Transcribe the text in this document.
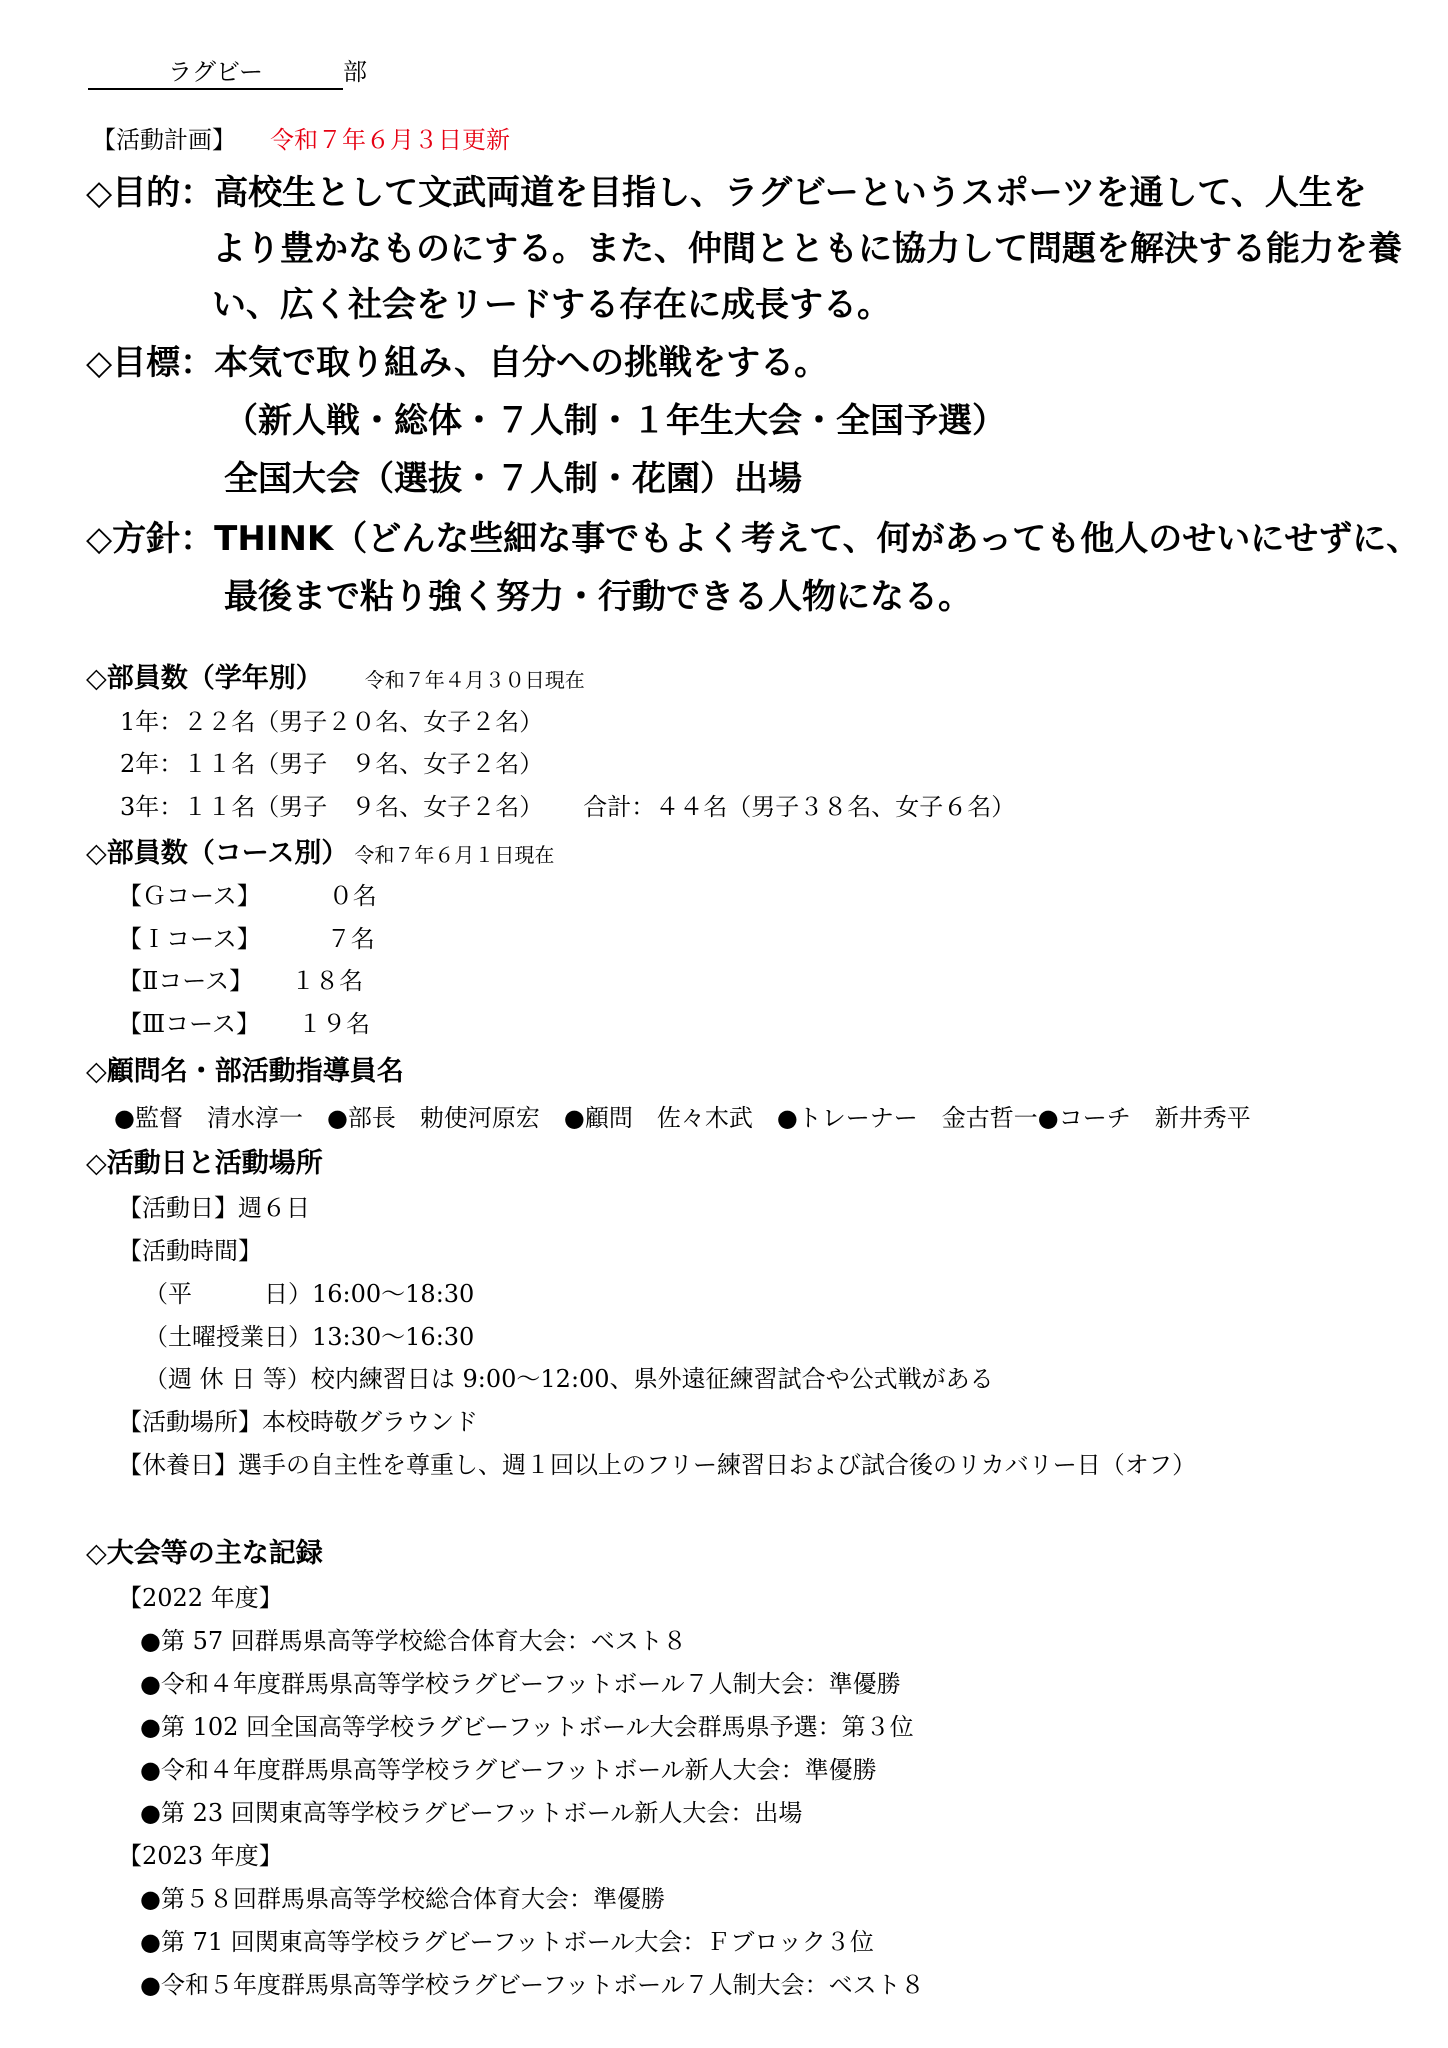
ラグビー	部
【活動計画】 令和７年６月３日更新
◇目的：高校生として文武両道を目指し、ラグビーというスポーツを通して、人生を
より豊かなものにする。また、仲間とともに協力して問題を解決する能力を養
い、広く社会をリードする存在に成長する。
◇目標：本気で取り組み、自分への挑戦をする。
（新人戦・総体・７人制・１年生大会・全国予選）
全国大会（選抜・７人制・花園）出場
◇方針：THINK（どんな些細な事でもよく考えて、何があっても他人のせいにせずに、
最後まで粘り強く努力・行動できる人物になる。
◇部員数（学年別） 令和７年４月３０日現在
1年：２２名（男子２０名、女子２名）
2年：１１名（男子　９名、女子２名）
3年：１１名（男子　９名、女子２名） 合計：４４名（男子３８名、女子６名）
◇部員数（コース別） 令和７年６月１日現在
【Ｇコース】	０名
【Ｉコース】	７名
【Ⅱコース】 １８名
【Ⅲコース】 １９名
◇顧問名・部活動指導員名
●監督　清水淳一　●部長　勅使河原宏　●顧問　佐々木武　●トレーナー　金古哲一●コーチ　新井秀平
◇活動日と活動場所
【活動日】週６日
【活動時間】
（平　　　日）16:00～18:30
（土曜授業日）13:30～16:30
（週 休 日 等）校内練習日は 9:00～12:00、県外遠征練習試合や公式戦がある
【活動場所】本校時敬グラウンド
【休養日】選手の自主性を尊重し、週１回以上のフリー練習日および試合後のリカバリー日（オフ）
◇大会等の主な記録
【2022 年度】
●第 57 回群馬県高等学校総合体育大会：ベスト８
●令和４年度群馬県高等学校ラグビーフットボール７人制大会：準優勝
●第 102 回全国高等学校ラグビーフットボール大会群馬県予選：第３位
●令和４年度群馬県高等学校ラグビーフットボール新人大会：準優勝
●第 23 回関東高等学校ラグビーフットボール新人大会：出場
【2023 年度】
●第５８回群馬県高等学校総合体育大会：準優勝
●第 71 回関東高等学校ラグビーフットボール大会：Ｆブロック３位
●令和５年度群馬県高等学校ラグビーフットボール７人制大会：ベスト８
